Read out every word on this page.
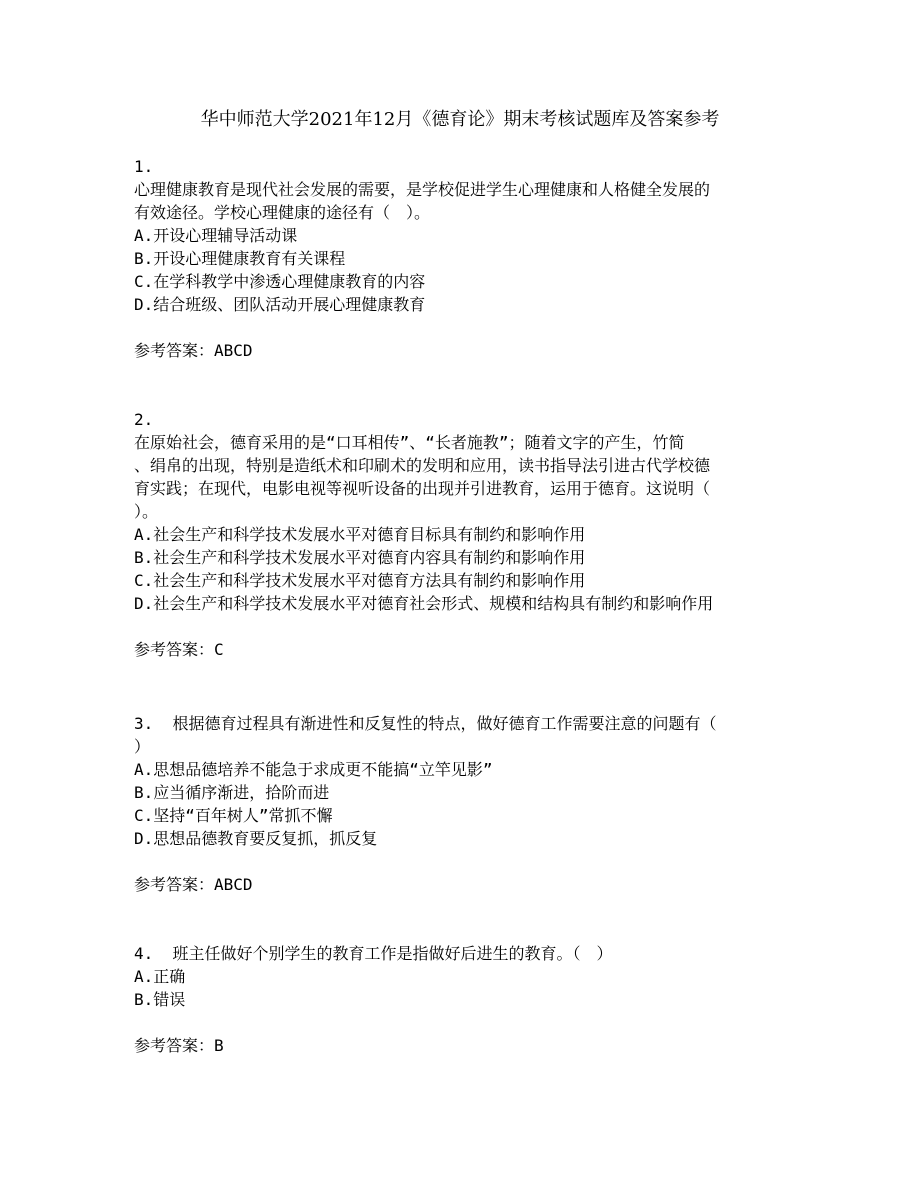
华中师范大学2021年12月《德育论》期末考核试题库及答案参考
1.
心理健康教育是现代社会发展的需要，是学校促进学生心理健康和人格健全发展的
有效途径。学校心理健康的途径有（　）。
A.开设心理辅导活动课
B.开设心理健康教育有关课程
C.在学科教学中渗透心理健康教育的内容
D.结合班级、团队活动开展心理健康教育
参考答案：ABCD
2.
在原始社会，德育采用的是“口耳相传”、“长者施教”；随着文字的产生，竹简
、绢帛的出现，特别是造纸术和印刷术的发明和应用，读书指导法引进古代学校德
育实践；在现代，电影电视等视听设备的出现并引进教育，运用于德育。这说明（
）。
A.社会生产和科学技术发展水平对德育目标具有制约和影响作用
B.社会生产和科学技术发展水平对德育内容具有制约和影响作用
C.社会生产和科学技术发展水平对德育方法具有制约和影响作用
D.社会生产和科学技术发展水平对德育社会形式、规模和结构具有制约和影响作用
参考答案：C
3.  根据德育过程具有渐进性和反复性的特点，做好德育工作需要注意的问题有（
）
A.思想品德培养不能急于求成更不能搞“立竿见影”
B.应当循序渐进，拾阶而进
C.坚持“百年树人”常抓不懈
D.思想品德教育要反复抓，抓反复
参考答案：ABCD
4.  班主任做好个别学生的教育工作是指做好后进生的教育。（　）
A.正确
B.错误
参考答案：B
